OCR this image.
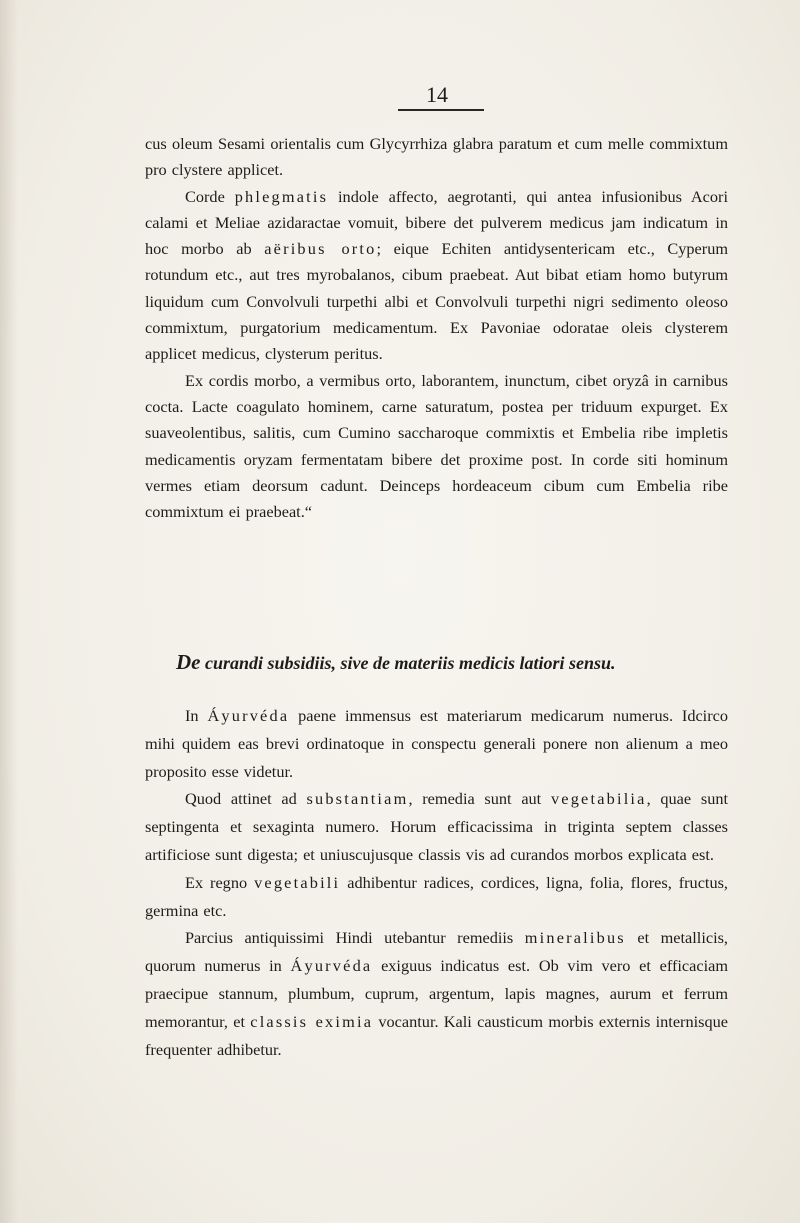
14

cus oleum Sesami orientalis cum Glycyrrhiza glabra paratum et cum melle commixtum pro clystere applicet.

Corde phlegmatis indole affecto, aegrotanti, qui antea infusionibus Acori calami et Meliae azidaractae vomuit, bibere det pulverem medicus jam indicatum in hoc morbo ab aëribus orto; eique Echiten antidysentericam etc., Cyperum rotundum etc., aut tres myrobalanos, cibum praebeat. Aut bibat etiam homo butyrum liquidum cum Convolvuli turpethi albi et Convolvuli turpethi nigri sedimento oleoso commixtum, purgatorium medicamentum. Ex Pavoniae odoratae oleis clysterem applicet medicus, clysterum peritus.

Ex cordis morbo, a vermibus orto, laborantem, inunctum, cibet oryzâ in carnibus cocta. Lacte coagulato hominem, carne saturatum, postea per triduum expurget. Ex suaveolentibus, salitis, cum Cumino saccharoque commixtis et Embelia ribe impletis medicamentis oryzam fermentatam bibere det proxime post. In corde siti hominum vermes etiam deorsum cadunt. Deinceps hordeaceum cibum cum Embelia ribe commixtum ei praebeat.“

De curandi subsidiis, sive de materiis medicis latiori sensu.

In Áyurvéda paene immensus est materiarum medicarum numerus. Idcirco mihi quidem eas brevi ordinatoque in conspectu generali ponere non alienum a meo proposito esse videtur.

Quod attinet ad substantiam, remedia sunt aut vegetabilia, quae sunt septingenta et sexaginta numero. Horum efficacissima in triginta septem classes artificiose sunt digesta; et uniuscujusque classis vis ad curandos morbos explicata est.

Ex regno vegetabili adhibentur radices, cordices, ligna, folia, flores, fructus, germina etc.

Parcius antiquissimi Hindi utebantur remediis mineralibus et metallicis, quorum numerus in Áyurvéda exiguus indicatus est. Ob vim vero et efficaciam praecipue stannum, plumbum, cuprum, argentum, lapis magnes, aurum et ferrum memorantur, et classis eximia vocantur. Kali causticum morbis externis internisque frequenter adhibetur.
